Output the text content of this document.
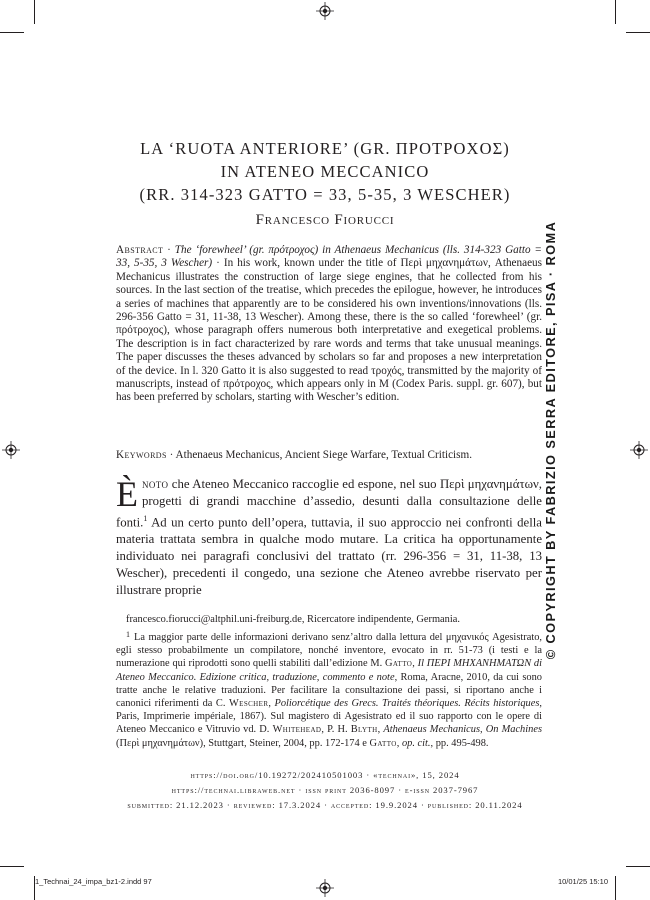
LA ‘RUOTA ANTERIORE’ (GR. ΠΡΟΤΡΟΧΟΣ)
IN ATENEO MECCANICO
(RR. 314-323 GATTO = 33, 5-35, 3 WESCHER)
Francesco Fiorucci
Abstract · The ‘forewheel’ (gr. πρότροχος) in Athenaeus Mechanicus (lls. 314-323 Gatto = 33, 5-35, 3 Wescher) · In his work, known under the title of Περὶ μηχανημάτων, Athenaeus Mechanicus illustrates the construction of large siege engines, that he collected from his sources. In the last section of the treatise, which precedes the epilogue, however, he introduces a series of machines that apparently are to be considered his own inventions/innovations (lls. 296-356 Gatto = 31, 11-38, 13 Wescher). Among these, there is the so called ‘forewheel’ (gr. πρότροχος), whose paragraph offers numerous both interpretative and exegetical problems. The description is in fact characterized by rare words and terms that take unusual meanings. The paper discusses the theses advanced by scholars so far and proposes a new interpretation of the device. In l. 320 Gatto it is also suggested to read τροχός, transmitted by the majority of manuscripts, instead of πρότροχος, which appears only in M (Codex Paris. suppl. gr. 607), but has been preferred by scholars, starting with Wescher’s edition.
Keywords · Athenaeus Mechanicus, Ancient Siege Warfare, Textual Criticism.
Ènoto che Ateneo Meccanico raccoglie ed espone, nel suo Περὶ μηχανημάτων, progetti di grandi macchine d’assedio, desunti dalla consultazione delle fonti.$^1$ Ad un certo punto dell’opera, tuttavia, il suo approccio nei confronti della materia trattata sembra in qualche modo mutare. La critica ha opportunamente individuato nei paragrafi conclusivi del trattato (rr. 296-356 = 31, 11-38, 13 Wescher), precedenti il congedo, una sezione che Ateneo avrebbe riservato per illustrare proprie
francesco.fiorucci@altphil.uni-freiburg.de, Ricercatore indipendente, Germania.
$^1$ La maggior parte delle informazioni derivano senz’altro dalla lettura del μηχανικός Agesistrato, egli stesso probabilmente un compilatore, nonché inventore, evocato in rr. 51-73 (i testi e la numerazione qui riprodotti sono quelli stabiliti dall’edizione M. Gatto, Il ΠΕΡΙ ΜΗΧΑΝΗΜΑΤΩΝ di Ateneo Meccanico. Edizione critica, traduzione, commento e note, Roma, Aracne, 2010, da cui sono tratte anche le relative traduzioni. Per facilitare la consultazione dei passi, si riportano anche i canonici riferimenti da C. Wescher, Poliorcétique des Grecs. Traités théoriques. Récits historiques, Paris, Imprimerie impériale, 1867). Sul magistero di Agesistrato ed il suo rapporto con le opere di Ateneo Meccanico e Vitruvio vd. D. Whitehead, P. H. Blyth, Athenaeus Mechanicus, On Machines (Περὶ μηχανημάτων), Stuttgart, Steiner, 2004, pp. 172-174 e Gatto, op. cit., pp. 495-498.
https://doi.org/10.19272/202410501003 · «technai», 15, 2024
https://technai.libraweb.net · issn print 2036-8097 · e-issn 2037-7967
submitted: 21.12.2023 · reviewed: 17.3.2024 · accepted: 19.9.2024 · published: 20.11.2024
© COPYRIGHT BY FABRIZIO SERRA EDITORE, PISA · ROMA
1_Technai_24_impa_bz1-2.indd 97	10/01/25 15:10
